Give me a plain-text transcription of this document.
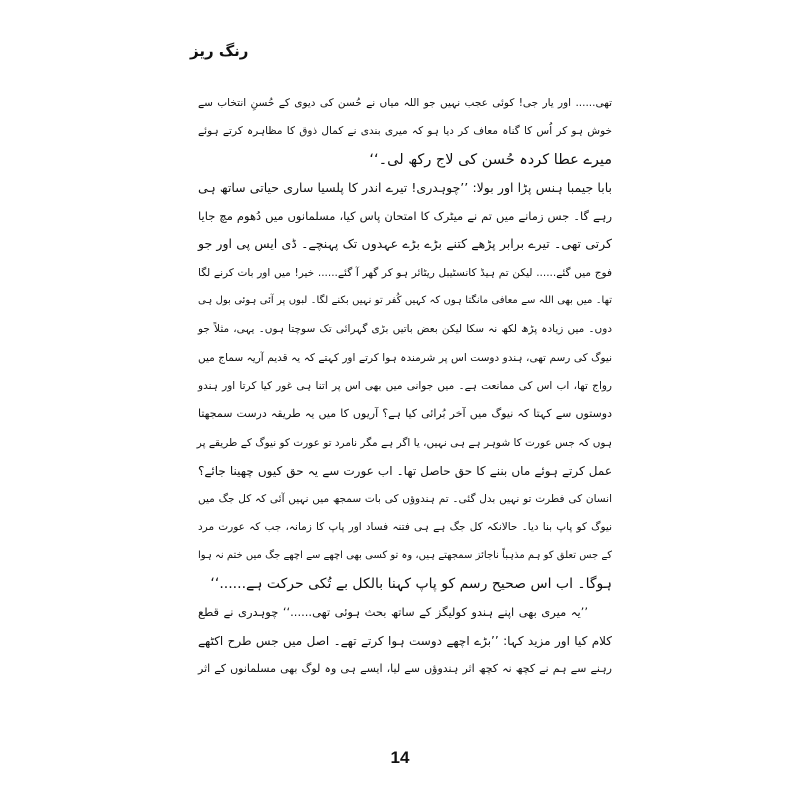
رنگ ریز
تھی...... اور یار جی! کوئی عجب نہیں جو اللہ میاں نے حُسن کی دیوی کے حُسنِ انتخاب سے
خوش ہو کر اُس کا گناہ معاف کر دیا ہو کہ میری بندی نے کمال ذوق کا مظاہرہ کرتے ہوئے
میرے عطا کردہ حُسن کی لاج رکھ لی۔‘‘
بابا جیمبا ہنس پڑا اور بولا: ’’چوہدری! تیرے اندر کا پلسیا ساری حیاتی ساتھ ہی
رہے گا۔ جس زمانے میں تم نے میٹرک کا امتحان پاس کیا، مسلمانوں میں دُھوم مچ جایا
کرتی تھی۔ تیرے برابر پڑھے کتنے بڑے بڑے عہدوں تک پہنچے۔ ڈی ایس پی اور جو
فوج میں گئے...... لیکن تم ہیڈ کانسٹیبل ریٹائر ہو کر گھر آ گئے...... خیر! میں اور بات کرنے لگا
تھا۔ میں بھی اللہ سے معافی مانگتا ہوں کہ کہیں کُفر تو نہیں بکنے لگا۔ لبوں پر آئی ہوئی بول ہی
دوں۔ میں زیادہ پڑھ لکھ نہ سکا لیکن بعض باتیں بڑی گہرائی تک سوچتا ہوں۔ یہی، مثلاً جو
نیوگ کی رسم تھی، ہندو دوست اس پر شرمندہ ہوا کرتے اور کہتے کہ یہ قدیم آریہ سماج میں
رواج تھا، اب اس کی ممانعت ہے۔ میں جوانی میں بھی اس پر اتنا ہی غور کیا کرتا اور ہندو
دوستوں سے کہتا کہ نیوگ میں آخر بُرائی کیا ہے؟ آریوں کا میں یہ طریقہ درست سمجھتا
ہوں کہ جس عورت کا شوہر ہے ہی نہیں، یا اگر ہے مگر نامرد تو عورت کو نیوگ کے طریقے پر
عمل کرتے ہوئے ماں بننے کا حق حاصل تھا۔ اب عورت سے یہ حق کیوں چھینا جائے؟
انسان کی فطرت تو نہیں بدل گئی۔ تم ہندوؤں کی بات سمجھ میں نہیں آئی کہ کل جگ میں
نیوگ کو پاپ بنا دیا۔ حالانکہ کل جگ ہے ہی فتنہ فساد اور پاپ کا زمانہ، جب کہ عورت مرد
کے جس تعلق کو ہم مذہباً ناجائز سمجھتے ہیں، وہ تو کسی بھی اچھے سے اچھے جگ میں ختم نہ ہوا
ہوگا۔ اب اس صحیح رسم کو پاپ کہنا بالکل بے تُکی حرکت ہے......‘‘
’’یہ میری بھی اپنے ہندو کولیگز کے ساتھ بحث ہوئی تھی......‘‘ چوہدری نے قطع
کلام کیا اور مزید کہا: ’’بڑے اچھے دوست ہوا کرتے تھے۔ اصل میں جس طرح اکٹھے
رہنے سے ہم نے کچھ نہ کچھ اثر ہندوؤں سے لیا، ایسے ہی وہ لوگ بھی مسلمانوں کے اثر
14
